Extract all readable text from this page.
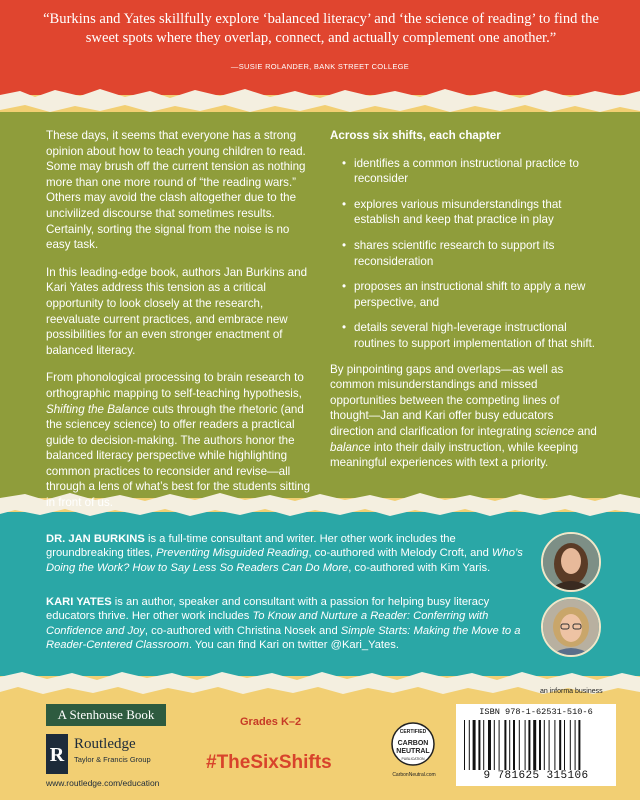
“Burkins and Yates skillfully explore ‘balanced literacy’ and ‘the science of reading’ to find the sweet spots where they overlap, connect, and actually complement one another.”
—SUSIE ROLANDER, BANK STREET COLLEGE

These days, it seems that everyone has a strong opinion about how to teach young children to read. Some may brush off the current tension as nothing more than one more round of “the reading wars.” Others may avoid the clash altogether due to the uncivilized discourse that sometimes results. Certainly, sorting the signal from the noise is no easy task.

In this leading-edge book, authors Jan Burkins and Kari Yates address this tension as a critical opportunity to look closely at the research, reevaluate current practices, and embrace new possibilities for an even stronger enactment of balanced literacy.

From phonological processing to brain research to orthographic mapping to self-teaching hypothesis, Shifting the Balance cuts through the rhetoric (and the sciencey science) to offer readers a practical guide to decision-making. The authors honor the balanced literacy perspective while highlighting common practices to reconsider and revise—all through a lens of what’s best for the students sitting in front of us.

Across six shifts, each chapter
• identifies a common instructional practice to reconsider
• explores various misunderstandings that establish and keep that practice in play
• shares scientific research to support its reconsideration
• proposes an instructional shift to apply a new perspective, and
• details several high-leverage instructional routines to support implementation of that shift.

By pinpointing gaps and overlaps—as well as common misunderstandings and missed opportunities between the competing lines of thought—Jan and Kari offer busy educators direction and clarification for integrating science and balance into their daily instruction, while keeping meaningful experiences with text a priority.

DR. JAN BURKINS is a full-time consultant and writer. Her other work includes the groundbreaking titles, Preventing Misguided Reading, co-authored with Melody Croft, and Who’s Doing the Work? How to Say Less So Readers Can Do More, co-authored with Kim Yaris.
KARI YATES is an author, speaker and consultant with a passion for helping busy literacy educators thrive. Her other work includes To Know and Nurture a Reader: Conferring with Confidence and Joy, co-authored with Christina Nosek and Simple Starts: Making the Move to a Reader-Centered Classroom. You can find Kari on twitter @Kari_Yates.
an informa business
A Stenhouse Book
R Routledge
Taylor & Francis Group
www.routledge.com/education
Grades K–2
#TheSixShifts
CERTIFIED
CARBON
NEUTRAL
PUBLICATION
CarbonNeutral.com
ISBN 978-1-62531-510-6
9 781625 315106
